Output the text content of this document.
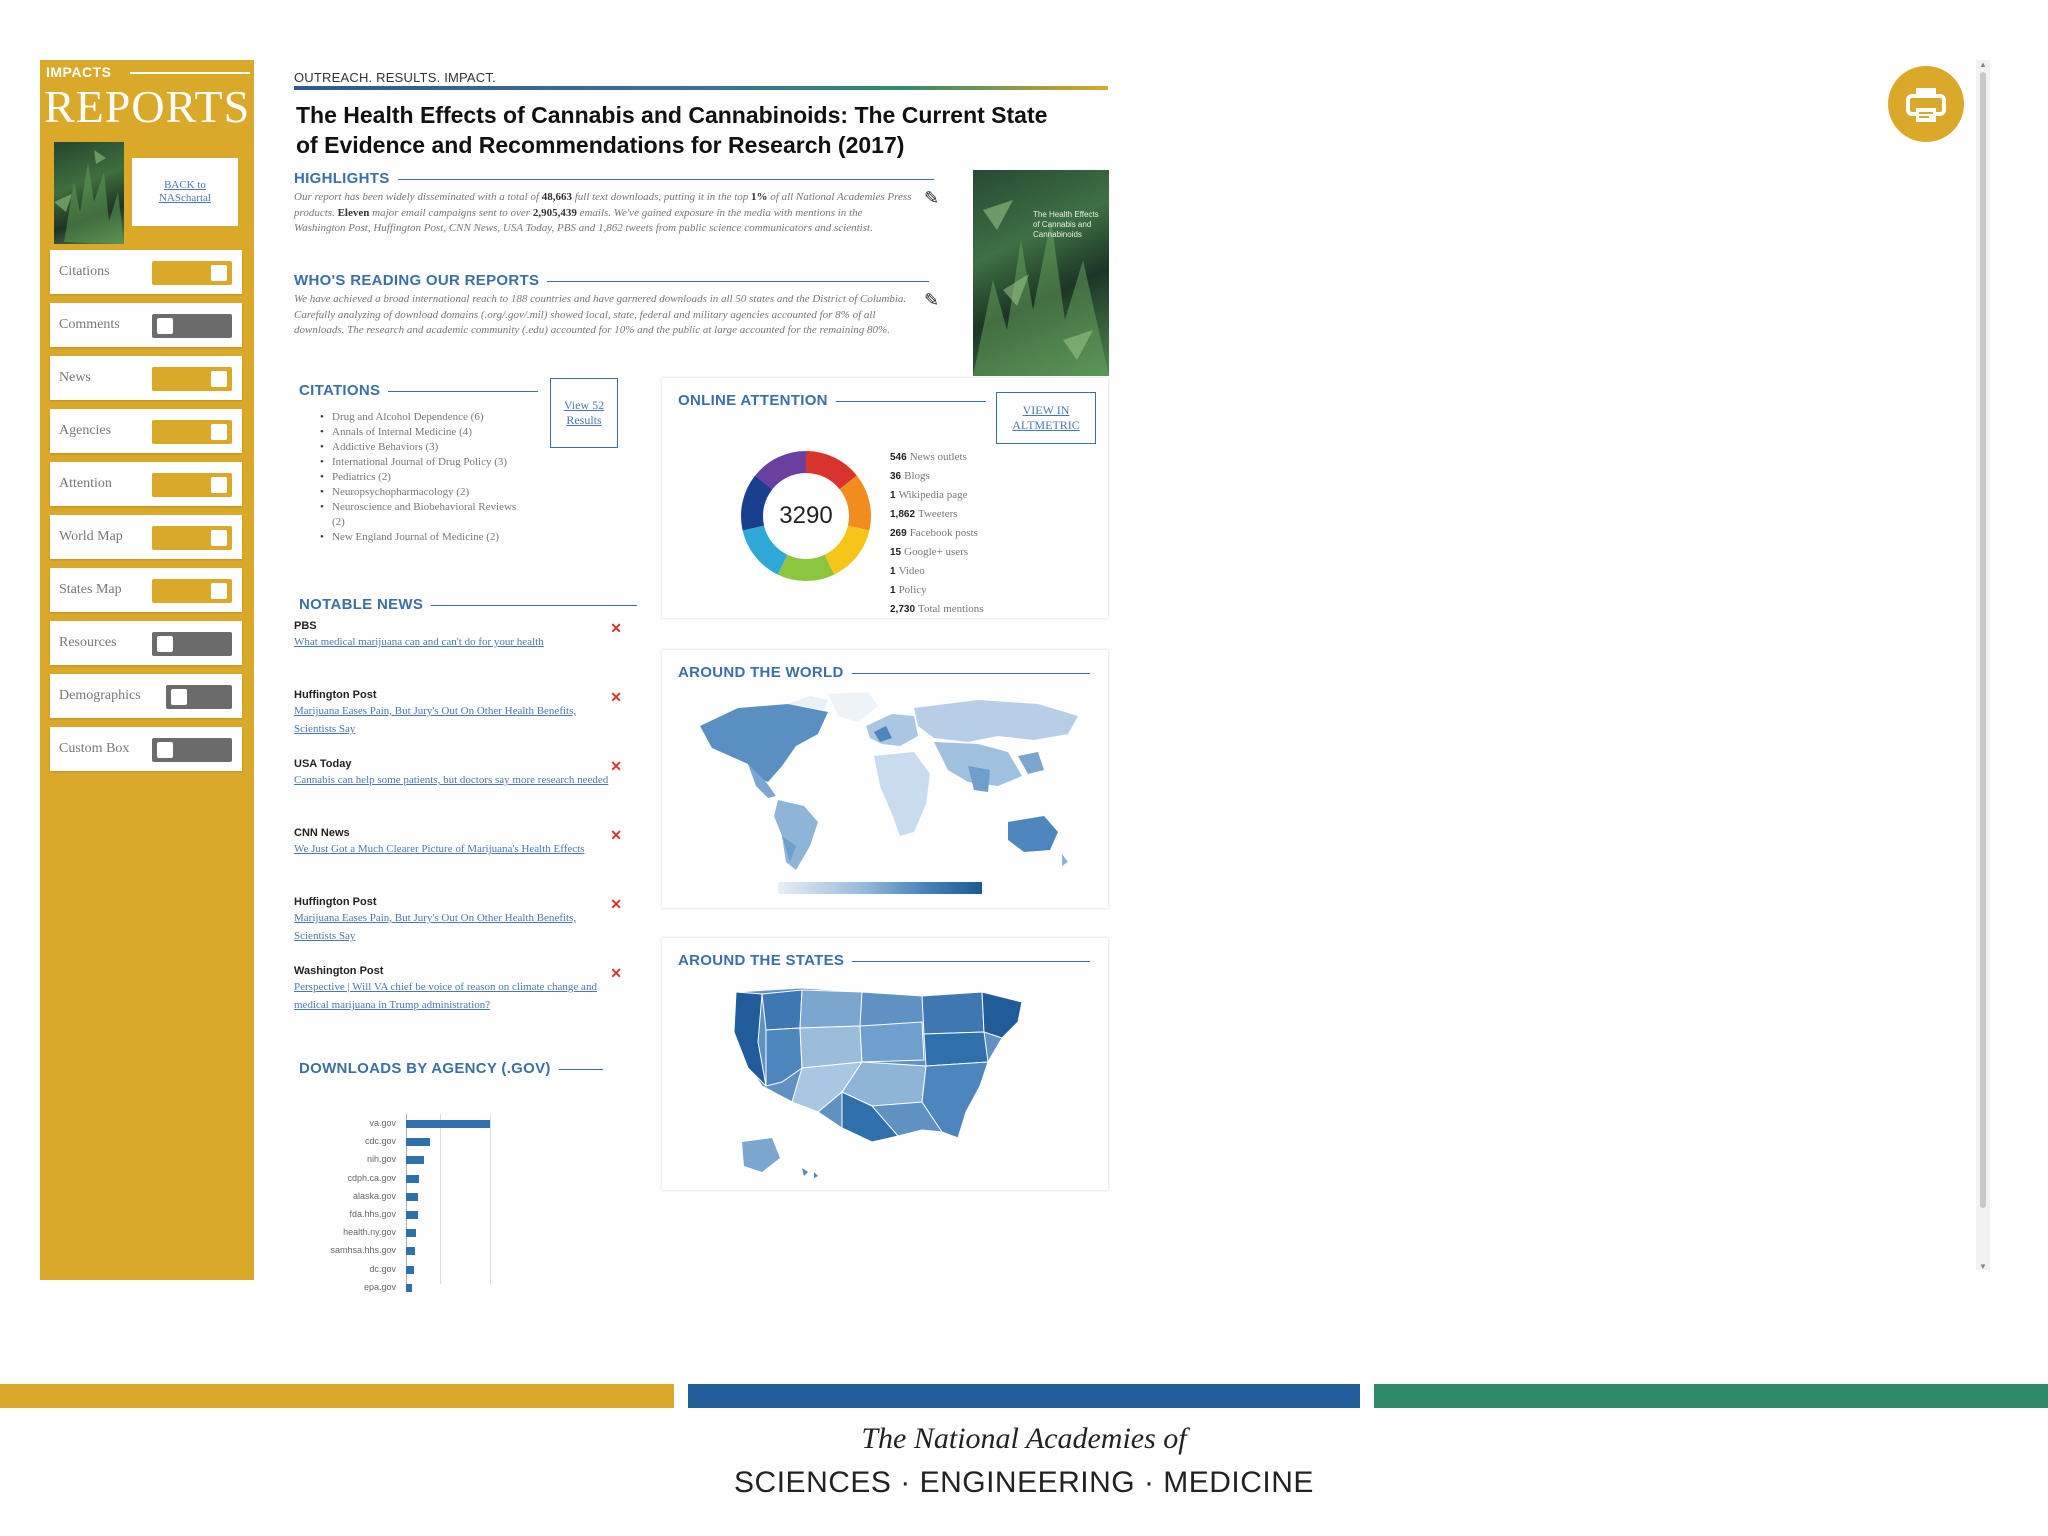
IMPACTS
REPORTS
BACK to NASchartal
Citations
Comments
News
Agencies
Attention
World Map
States Map
Resources
Demographics
Custom Box
OUTREACH. RESULTS. IMPACT.
The Health Effects of Cannabis and Cannabinoids: The Current State of Evidence and Recommendations for Research (2017)
HIGHLIGHTS

Our report has been widely disseminated with a total of 48,663 full text downloads, putting it in the top 1% of all National Academies Press products. Eleven major email campaigns sent to over 2,905,439 emails. We've gained exposure in the media with mentions in the Washington Post, Huffington Post, CNN News, USA Today, PBS and 1,862 tweets from public science communicators and scientist.

✎
WHO'S READING OUR REPORTS

We have achieved a broad international reach to 188 countries and have garnered downloads in all 50 states and the District of Columbia. Carefully analyzing of download domains (.org/.gov/.mil) showed local, state, federal and military agencies accounted for 8% of all downloads. The research and academic community (.edu) accounted for 10% and the public at large accounted for the remaining 80%.

✎
The Health Effects of Cannabis and Cannabinoids
CITATIONS
• Drug and Alcohol Dependence (6)
• Annals of Internal Medicine (4)
• Addictive Behaviors (3)
• International Journal of Drug Policy (3)
• Pediatrics (2)
• Neuropsychopharmacology (2)
• Neuroscience and Biobehavioral Reviews (2)
• New England Journal of Medicine (2)
View 52 Results
NOTABLE NEWS
PBS
What medical marijuana can and can't do for your health
✕
Huffington Post
Marijuana Eases Pain, But Jury's Out On Other Health Benefits, Scientists Say
✕
USA Today
Cannabis can help some patients, but doctors say more research needed
✕
CNN News
We Just Got a Much Clearer Picture of Marijuana's Health Effects
✕
Huffington Post
Marijuana Eases Pain, But Jury's Out On Other Health Benefits, Scientists Say
✕
Washington Post
Perspective | Will VA chief be voice of reason on climate change and medical marijuana in Trump administration?
✕
DOWNLOADS BY AGENCY (.GOV)
va.gov
cdc.gov
nih.gov
cdph.ca.gov
alaska.gov
fda.hhs.gov
health.ny.gov
samhsa.hhs.gov
dc.gov
epa.gov
ONLINE ATTENTION
VIEW IN ALTMETRIC
3290
546 News outlets
36 Blogs
1 Wikipedia page
1,862 Tweeters
269 Facebook posts
15 Google+ users
1 Video
1 Policy
2,730 Total mentions
AROUND THE WORLD
AROUND THE STATES
▲
▼
The National Academies of
SCIENCES · ENGINEERING · MEDICINE
